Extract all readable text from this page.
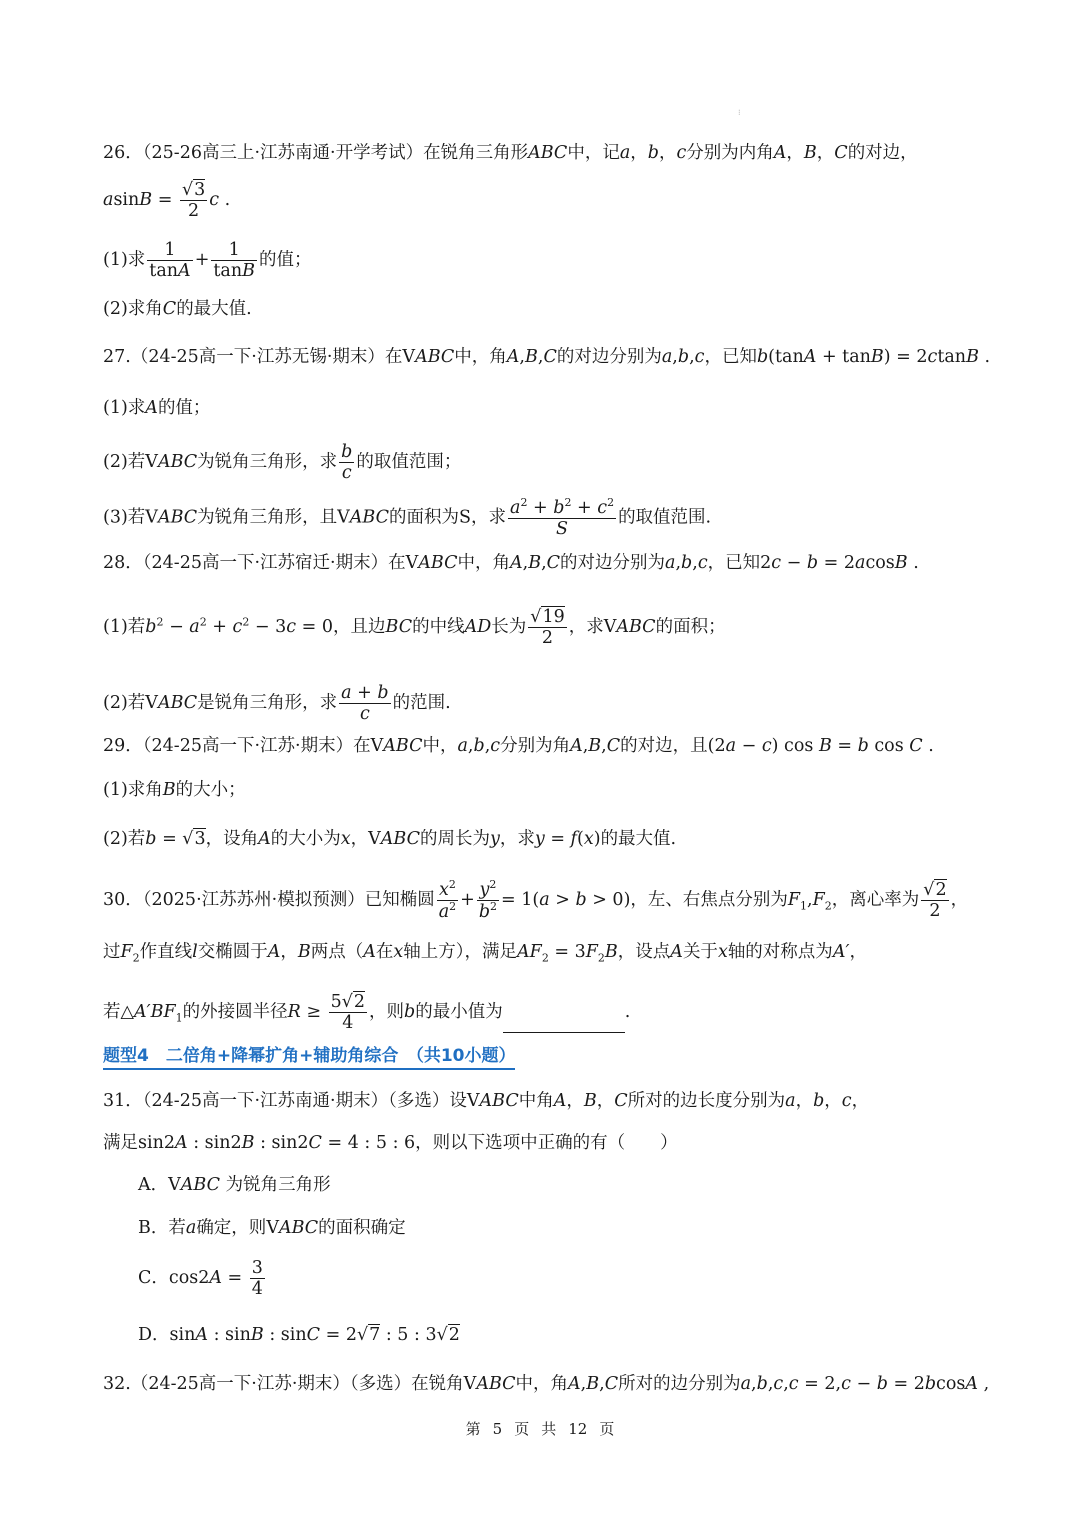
⁝
26．（25-26高三上·江苏南通·开学考试）在锐角三角形ABC中，记a，b，c分别为内角A，B，C的对边，
$asinB = \frac{√3}{2}$ c .
(1)求 $\frac{1}{\tan A} + \frac{1}{\tan B}$ 的值；
(2)求角C的最大值.
27.（24-25高一下·江苏无锡·期末）在VABC中，角A,B,C的对边分别为a,b,c，已知b(tanA + tanB) = 2ctanB .
(1)求A的值；
(2)若VABC为锐角三角形，求 $\frac{b}{c}$ 的取值范围；
(3)若VABC为锐角三角形，且VABC的面积为S，求 $\frac{a^2 + b^2 + c^2}{S}$ 的取值范围.
28．（24-25高一下·江苏宿迁·期末）在VABC中，角A,B,C的对边分别为a,b,c，已知2c − b = 2acosB .
(1)若$b^2 - a^2 + c^2 - 3c = 0$，且边BC的中线AD长为 $\frac{√19}{2}$ ，求VABC的面积；
(2)若VABC是锐角三角形，求 $\frac{a + b}{c}$ 的范围.
29．（24-25高一下·江苏·期末）在VABC中，a,b,c分别为角A,B,C的对边，且(2a − c) cos B = b cos C .
(1)求角B的大小；
(2)若b = √3，设角A的大小为x，VABC的周长为y，求y = f(x)的最大值.
30．（2025·江苏苏州·模拟预测）已知椭圆 $\frac{x^2}{a^2} + \frac{y^2}{b^2} = 1(a > b > 0)$，左、右焦点分别为$F_1,F_2$，离心率为 $\frac{√2}{2}$ ，
过$F_2$作直线l交椭圆于A，B两点（A在x轴上方），满足$AF_2 = 3F_2B$，设点A关于x轴的对称点为A′，
若$\triangle A'BF_1$的外接圆半径$R \ge \frac{5√2}{4}$ ，则b的最小值为	.
题型4　二倍角+降幂扩角+辅助角综合　（共10小题）
31．（24-25高一下·江苏南通·期末）（多选）设VABC中角A，B，C所对的边长度分别为a，b，c，
满足sin2A : sin2B : sin2C = 4 : 5 : 6，则以下选项中正确的有（　　）
A．VABC 为锐角三角形
B．若a确定，则VABC的面积确定
C．$\cos 2A = \frac{3}{4}$
D．sinA : sinB : sinC = 2√7 : 5 : 3√2
32.（24-25高一下·江苏·期末）（多选）在锐角VABC中，角A,B,C所对的边分别为a,b,c,c = 2,c − b = 2bcosA ,
第 5 页 共 12 页
